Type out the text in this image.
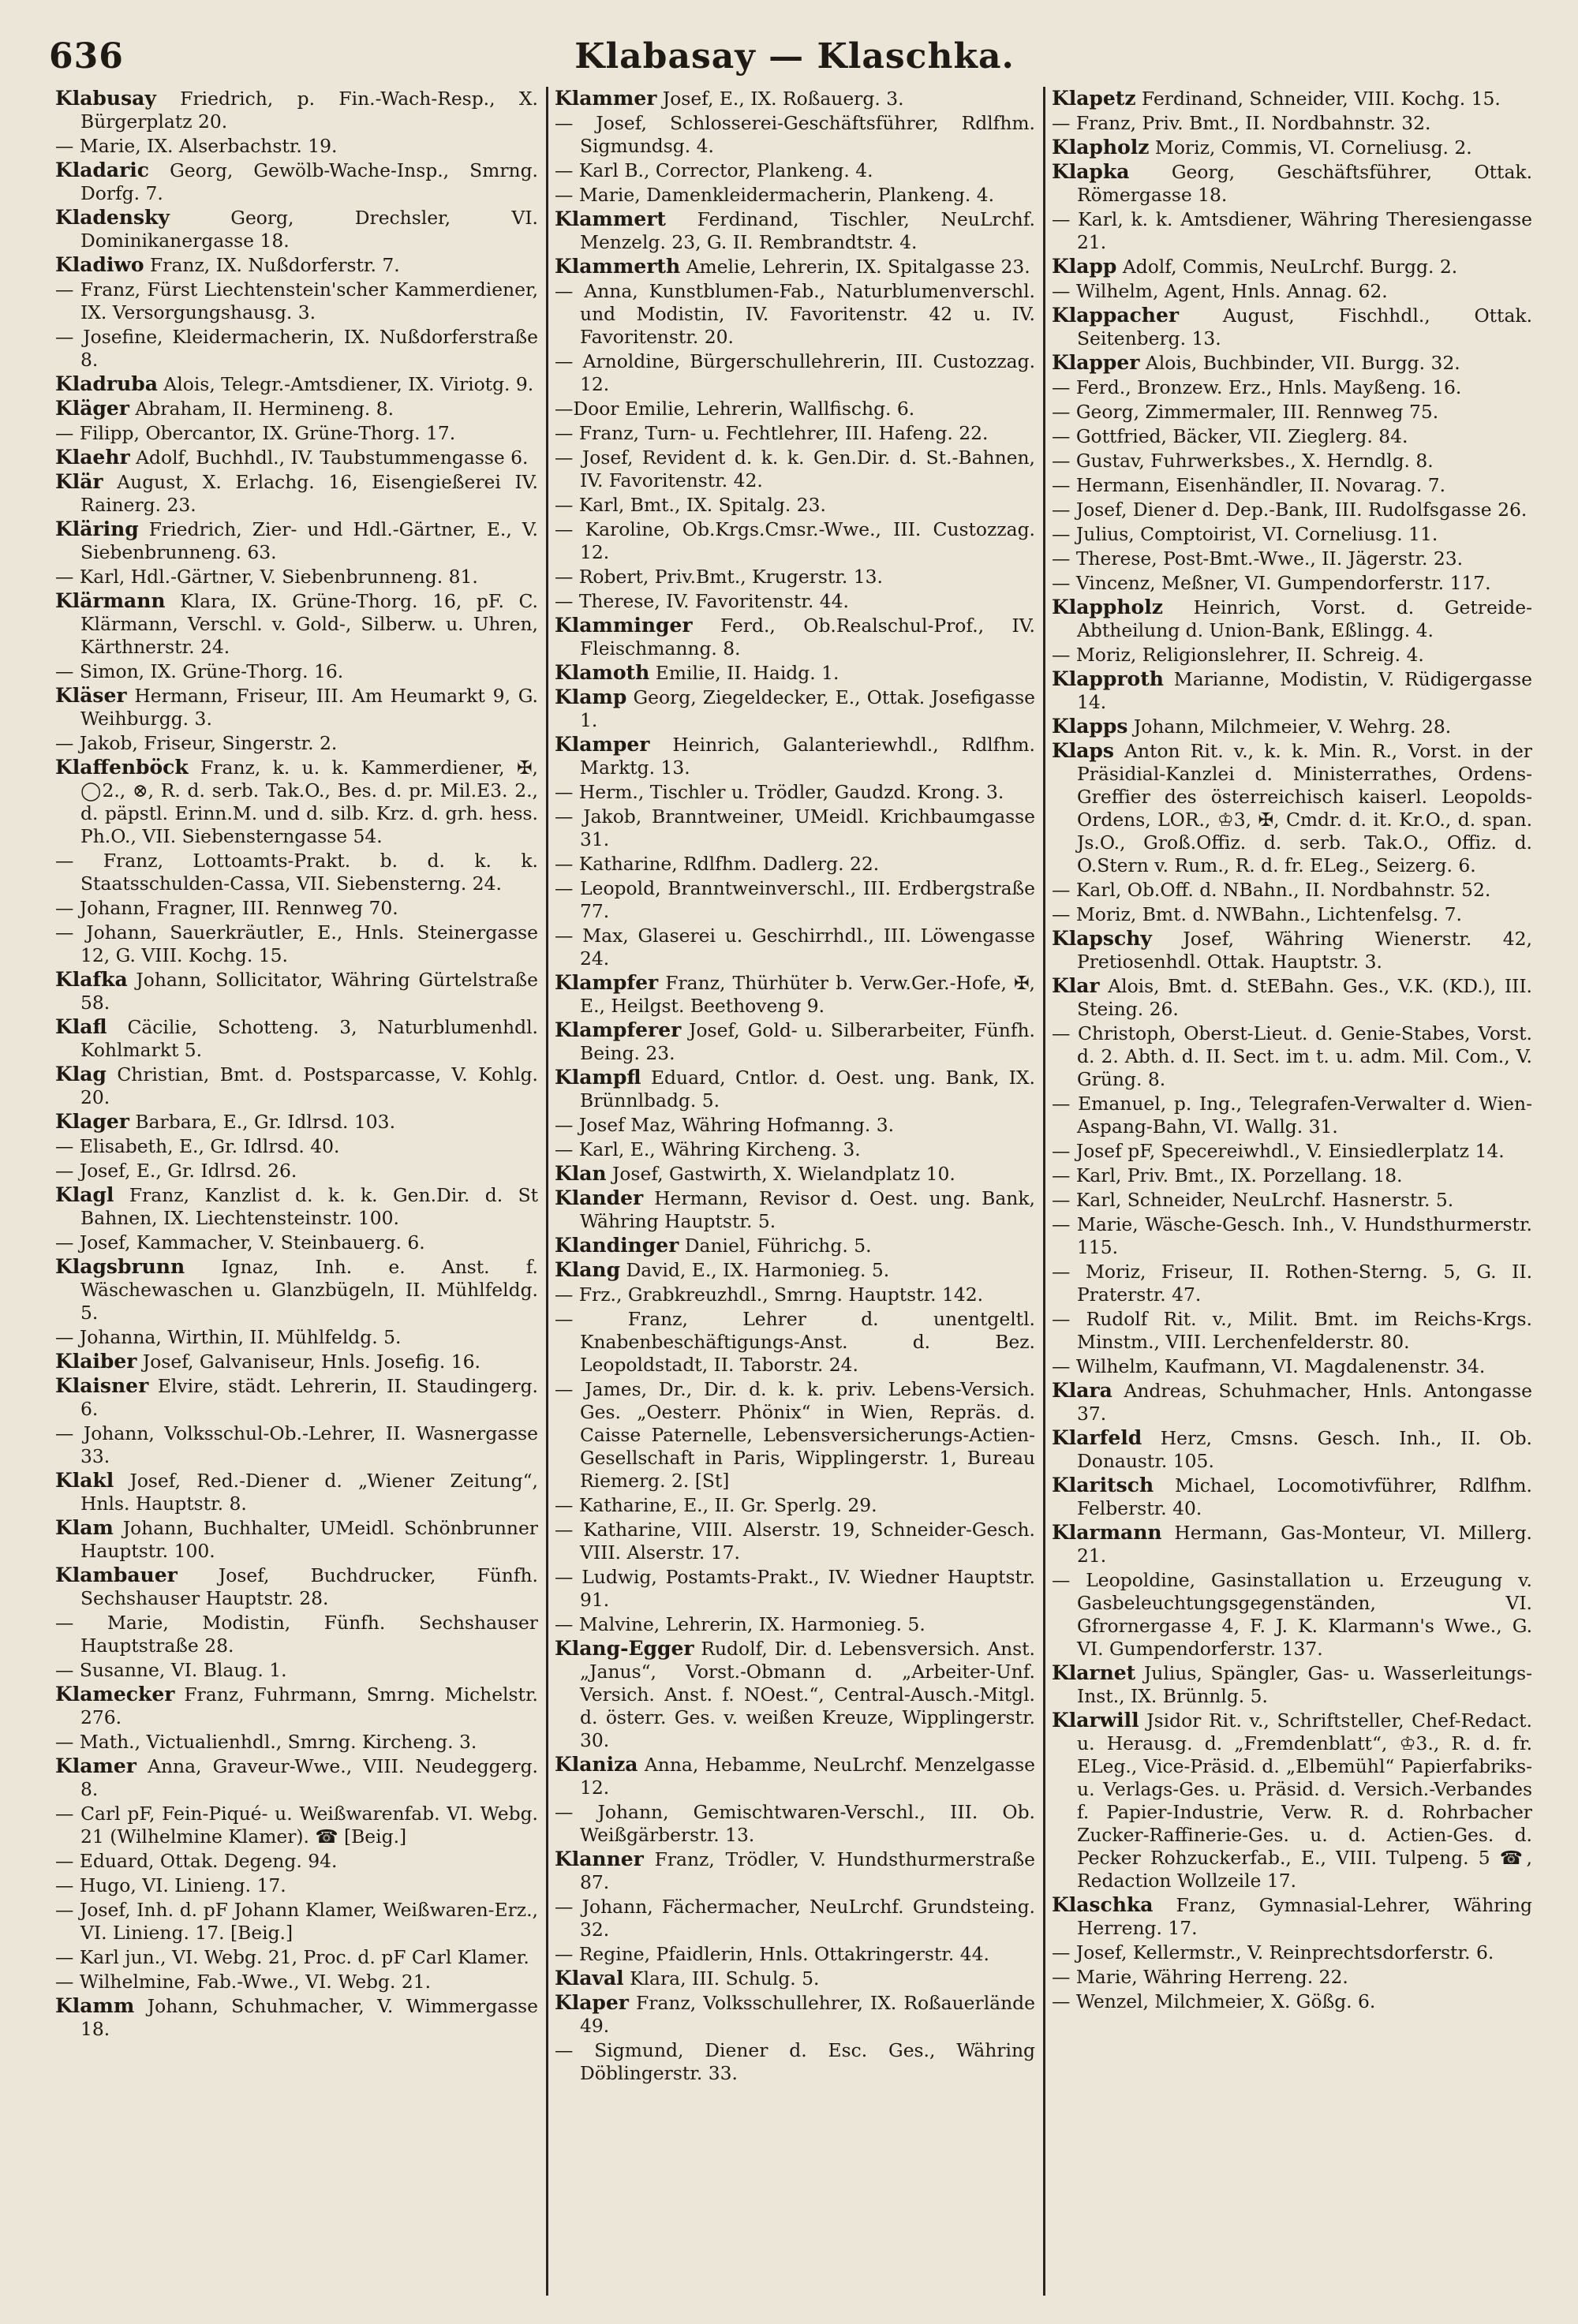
636	Klabasay — Klaschka.

Klabusay Friedrich, p. Fin.-Wach-Resp., X. Bürgerplatz 20.

— Marie, IX. Alserbachstr. 19.

Kladaric Georg, Gewölb-Wache-Insp., Smrng. Dorfg. 7.

Kladensky Georg, Drechsler, VI. Dominikanergasse 18.

Kladiwo Franz, IX. Nußdorferstr. 7.

— Franz, Fürst Liechtenstein'scher Kammerdiener, IX. Versorgungshausg. 3.

— Josefine, Kleidermacherin, IX. Nußdorferstraße 8.

Kladruba Alois, Telegr.-Amtsdiener, IX. Viriotg. 9.

Kläger Abraham, II. Hermineng. 8.

— Filipp, Obercantor, IX. Grüne-Thorg. 17.

Klaehr Adolf, Buchhdl., IV. Taubstummengasse 6.

Klär August, X. Erlachg. 16, Eisengießerei IV. Rainerg. 23.

Kläring Friedrich, Zier- und Hdl.-Gärtner, E., V. Siebenbrunneng. 63.

— Karl, Hdl.-Gärtner, V. Siebenbrunneng. 81.

Klärmann Klara, IX. Grüne-Thorg. 16, pF. C. Klärmann, Verschl. v. Gold-, Silberw. u. Uhren, Kärthnerstr. 24.

— Simon, IX. Grüne-Thorg. 16.

Kläser Hermann, Friseur, III. Am Heumarkt 9, G. Weihburgg. 3.

— Jakob, Friseur, Singerstr. 2.

Klaffenböck Franz, k. u. k. Kammerdiener, ✠, ◯2., ⊗, R. d. serb. Tak.O., Bes. d. pr. Mil.E3. 2., d. päpstl. Erinn.M. und d. silb. Krz. d. grh. hess. Ph.O., VII. Siebensterngasse 54.

— Franz, Lottoamts-Prakt. b. d. k. k. Staatsschulden-Cassa, VII. Siebensterng. 24.

— Johann, Fragner, III. Rennweg 70.

— Johann, Sauerkräutler, E., Hnls. Steinergasse 12, G. VIII. Kochg. 15.

Klafka Johann, Sollicitator, Währing Gürtelstraße 58.

Klafl Cäcilie, Schotteng. 3, Naturblumenhdl. Kohlmarkt 5.

Klag Christian, Bmt. d. Postsparcasse, V. Kohlg. 20.

Klager Barbara, E., Gr. Idlrsd. 103.

— Elisabeth, E., Gr. Idlrsd. 40.

— Josef, E., Gr. Idlrsd. 26.

Klagl Franz, Kanzlist d. k. k. Gen.Dir. d. St Bahnen, IX. Liechtensteinstr. 100.

— Josef, Kammacher, V. Steinbauerg. 6.

Klagsbrunn Ignaz, Inh. e. Anst. f. Wäschewaschen u. Glanzbügeln, II. Mühlfeldg. 5.

— Johanna, Wirthin, II. Mühlfeldg. 5.

Klaiber Josef, Galvaniseur, Hnls. Josefig. 16.

Klaisner Elvire, städt. Lehrerin, II. Staudingerg. 6.

— Johann, Volksschul-Ob.-Lehrer, II. Wasnergasse 33.

Klakl Josef, Red.-Diener d. „Wiener Zeitung“, Hnls. Hauptstr. 8.

Klam Johann, Buchhalter, UMeidl. Schönbrunner Hauptstr. 100.

Klambauer Josef, Buchdrucker, Fünfh. Sechshauser Hauptstr. 28.

— Marie, Modistin, Fünfh. Sechshauser Hauptstraße 28.

— Susanne, VI. Blaug. 1.

Klamecker Franz, Fuhrmann, Smrng. Michelstr. 276.

— Math., Victualienhdl., Smrng. Kircheng. 3.

Klamer Anna, Graveur-Wwe., VIII. Neudeggerg. 8.

— Carl pF, Fein-Piqué- u. Weißwarenfab. VI. Webg. 21 (Wilhelmine Klamer). ☎ [Beig.]

— Eduard, Ottak. Degeng. 94.

— Hugo, VI. Linieng. 17.

— Josef, Inh. d. pF Johann Klamer, Weißwaren-Erz., VI. Linieng. 17. [Beig.]

— Karl jun., VI. Webg. 21, Proc. d. pF Carl Klamer.

— Wilhelmine, Fab.-Wwe., VI. Webg. 21.

Klamm Johann, Schuhmacher, V. Wimmergasse 18.

Klammer Josef, E., IX. Roßauerg. 3.

— Josef, Schlosserei-Geschäftsführer, Rdlfhm. Sigmundsg. 4.

— Karl B., Corrector, Plankeng. 4.

— Marie, Damenkleidermacherin, Plankeng. 4.

Klammert Ferdinand, Tischler, NeuLrchf. Menzelg. 23, G. II. Rembrandtstr. 4.

Klammerth Amelie, Lehrerin, IX. Spitalgasse 23.

— Anna, Kunstblumen-Fab., Naturblumenverschl. und Modistin, IV. Favoritenstr. 42 u. IV. Favoritenstr. 20.

— Arnoldine, Bürgerschullehrerin, III. Custozzag. 12.

—Door Emilie, Lehrerin, Wallfischg. 6.

— Franz, Turn- u. Fechtlehrer, III. Hafeng. 22.

— Josef, Revident d. k. k. Gen.Dir. d. St.-Bahnen, IV. Favoritenstr. 42.

— Karl, Bmt., IX. Spitalg. 23.

— Karoline, Ob.Krgs.Cmsr.-Wwe., III. Custozzag. 12.

— Robert, Priv.Bmt., Krugerstr. 13.

— Therese, IV. Favoritenstr. 44.

Klamminger Ferd., Ob.Realschul-Prof., IV. Fleischmanng. 8.

Klamoth Emilie, II. Haidg. 1.

Klamp Georg, Ziegeldecker, E., Ottak. Josefigasse 1.

Klamper Heinrich, Galanteriewhdl., Rdlfhm. Marktg. 13.

— Herm., Tischler u. Trödler, Gaudzd. Krong. 3.

— Jakob, Branntweiner, UMeidl. Krichbaumgasse 31.

— Katharine, Rdlfhm. Dadlerg. 22.

— Leopold, Branntweinverschl., III. Erdbergstraße 77.

— Max, Glaserei u. Geschirrhdl., III. Löwengasse 24.

Klampfer Franz, Thürhüter b. Verw.Ger.-Hofe, ✠, E., Heilgst. Beethoveng 9.

Klampferer Josef, Gold- u. Silberarbeiter, Fünfh. Being. 23.

Klampfl Eduard, Cntlor. d. Oest. ung. Bank, IX. Brünnlbadg. 5.

— Josef Maz, Währing Hofmanng. 3.

— Karl, E., Währing Kircheng. 3.

Klan Josef, Gastwirth, X. Wielandplatz 10.

Klander Hermann, Revisor d. Oest. ung. Bank, Währing Hauptstr. 5.

Klandinger Daniel, Führichg. 5.

Klang David, E., IX. Harmonieg. 5.

— Frz., Grabkreuzhdl., Smrng. Hauptstr. 142.

— Franz, Lehrer d. unentgeltl. Knabenbeschäftigungs-Anst. d. Bez. Leopoldstadt, II. Taborstr. 24.

— James, Dr., Dir. d. k. k. priv. Lebens-Versich. Ges. „Oesterr. Phönix“ in Wien, Repräs. d. Caisse Paternelle, Lebensversicherungs-Actien-Gesellschaft in Paris, Wipplingerstr. 1, Bureau Riemerg. 2. [St]

— Katharine, E., II. Gr. Sperlg. 29.

— Katharine, VIII. Alserstr. 19, Schneider-Gesch. VIII. Alserstr. 17.

— Ludwig, Postamts-Prakt., IV. Wiedner Hauptstr. 91.

— Malvine, Lehrerin, IX. Harmonieg. 5.

Klang-Egger Rudolf, Dir. d. Lebensversich. Anst. „Janus“, Vorst.-Obmann d. „Arbeiter-Unf. Versich. Anst. f. NOest.“, Central-Ausch.-Mitgl. d. österr. Ges. v. weißen Kreuze, Wipplingerstr. 30.

Klaniza Anna, Hebamme, NeuLrchf. Menzelgasse 12.

— Johann, Gemischtwaren-Verschl., III. Ob. Weißgärberstr. 13.

Klanner Franz, Trödler, V. Hundsthurmerstraße 87.

— Johann, Fächermacher, NeuLrchf. Grundsteing. 32.

— Regine, Pfaidlerin, Hnls. Ottakringerstr. 44.

Klaval Klara, III. Schulg. 5.

Klaper Franz, Volksschullehrer, IX. Roßauerlände 49.

— Sigmund, Diener d. Esc. Ges., Währing Döblingerstr. 33.

Klapetz Ferdinand, Schneider, VIII. Kochg. 15.

— Franz, Priv. Bmt., II. Nordbahnstr. 32.

Klapholz Moriz, Commis, VI. Corneliusg. 2.

Klapka Georg, Geschäftsführer, Ottak. Römergasse 18.

— Karl, k. k. Amtsdiener, Währing Theresiengasse 21.

Klapp Adolf, Commis, NeuLrchf. Burgg. 2.

— Wilhelm, Agent, Hnls. Annag. 62.

Klappacher August, Fischhdl., Ottak. Seitenberg. 13.

Klapper Alois, Buchbinder, VII. Burgg. 32.

— Ferd., Bronzew. Erz., Hnls. Mayßeng. 16.

— Georg, Zimmermaler, III. Rennweg 75.

— Gottfried, Bäcker, VII. Zieglerg. 84.

— Gustav, Fuhrwerksbes., X. Herndlg. 8.

— Hermann, Eisenhändler, II. Novarag. 7.

— Josef, Diener d. Dep.-Bank, III. Rudolfsgasse 26.

— Julius, Comptoirist, VI. Corneliusg. 11.

— Therese, Post-Bmt.-Wwe., II. Jägerstr. 23.

— Vincenz, Meßner, VI. Gumpendorferstr. 117.

Klappholz Heinrich, Vorst. d. Getreide-Abtheilung d. Union-Bank, Eßlingg. 4.

— Moriz, Religionslehrer, II. Schreig. 4.

Klapproth Marianne, Modistin, V. Rüdigergasse 14.

Klapps Johann, Milchmeier, V. Wehrg. 28.

Klaps Anton Rit. v., k. k. Min. R., Vorst. in der Präsidial-Kanzlei d. Ministerrathes, Ordens-Greffier des österreichisch kaiserl. Leopolds-Ordens, LOR., ♔3, ✠, Cmdr. d. it. Kr.O., d. span. Js.O., Groß.Offiz. d. serb. Tak.O., Offiz. d. O.Stern v. Rum., R. d. fr. ELeg., Seizerg. 6.

— Karl, Ob.Off. d. NBahn., II. Nordbahnstr. 52.

— Moriz, Bmt. d. NWBahn., Lichtenfelsg. 7.

Klapschy Josef, Währing Wienerstr. 42, Pretiosenhdl. Ottak. Hauptstr. 3.

Klar Alois, Bmt. d. StEBahn. Ges., V.K. (KD.), III. Steing. 26.

— Christoph, Oberst-Lieut. d. Genie-Stabes, Vorst. d. 2. Abth. d. II. Sect. im t. u. adm. Mil. Com., V. Grüng. 8.

— Emanuel, p. Ing., Telegrafen-Verwalter d. Wien-Aspang-Bahn, VI. Wallg. 31.

— Josef pF, Specereiwhdl., V. Einsiedlerplatz 14.

— Karl, Priv. Bmt., IX. Porzellang. 18.

— Karl, Schneider, NeuLrchf. Hasnerstr. 5.

— Marie, Wäsche-Gesch. Inh., V. Hundsthurmerstr. 115.

— Moriz, Friseur, II. Rothen-Sterng. 5, G. II. Praterstr. 47.

— Rudolf Rit. v., Milit. Bmt. im Reichs-Krgs. Minstm., VIII. Lerchenfelderstr. 80.

— Wilhelm, Kaufmann, VI. Magdalenenstr. 34.

Klara Andreas, Schuhmacher, Hnls. Antongasse 37.

Klarfeld Herz, Cmsns. Gesch. Inh., II. Ob. Donaustr. 105.

Klaritsch Michael, Locomotivführer, Rdlfhm. Felberstr. 40.

Klarmann Hermann, Gas-Monteur, VI. Millerg. 21.

— Leopoldine, Gasinstallation u. Erzeugung v. Gasbeleuchtungsgegenständen, VI. Gfrornergasse 4, F. J. K. Klarmann's Wwe., G. VI. Gumpendorferstr. 137.

Klarnet Julius, Spängler, Gas- u. Wasserleitungs-Inst., IX. Brünnlg. 5.

Klarwill Jsidor Rit. v., Schriftsteller, Chef-Redact. u. Herausg. d. „Fremdenblatt“, ♔3., R. d. fr. ELeg., Vice-Präsid. d. „Elbemühl“ Papierfabriks- u. Verlags-Ges. u. Präsid. d. Versich.-Verbandes f. Papier-Industrie, Verw. R. d. Rohrbacher Zucker-Raffinerie-Ges. u. d. Actien-Ges. d. Pecker Rohzuckerfab., E., VIII. Tulpeng. 5 ☎, Redaction Wollzeile 17.

Klaschka Franz, Gymnasial-Lehrer, Währing Herreng. 17.

— Josef, Kellermstr., V. Reinprechtsdorferstr. 6.

— Marie, Währing Herreng. 22.

— Wenzel, Milchmeier, X. Gößg. 6.
